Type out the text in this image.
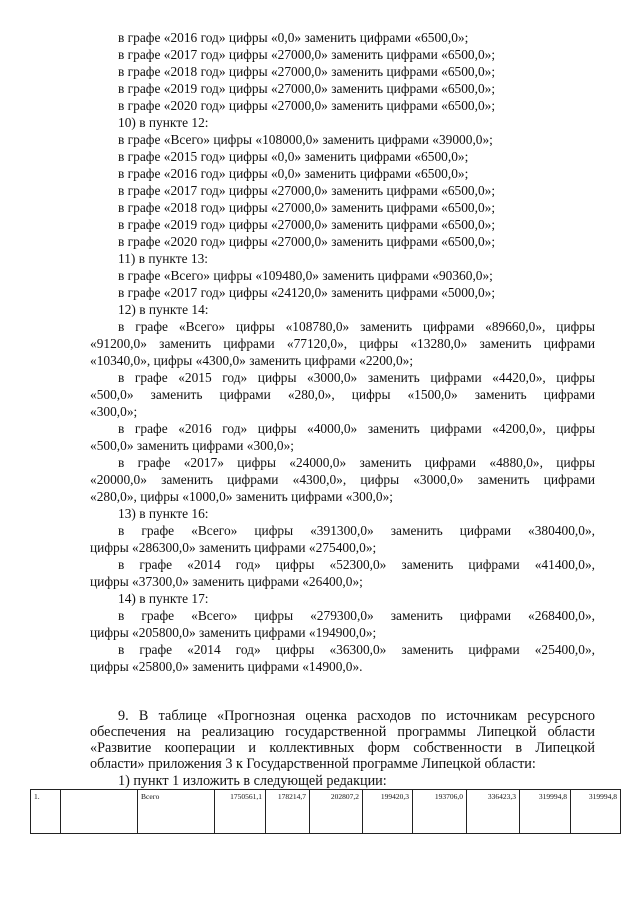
в графе «2016 год» цифры «0,0» заменить цифрами «6500,0»;
в графе «2017 год» цифры «27000,0» заменить цифрами «6500,0»;
в графе «2018 год» цифры «27000,0» заменить цифрами «6500,0»;
в графе «2019 год» цифры «27000,0» заменить цифрами «6500,0»;
в графе «2020 год» цифры «27000,0» заменить цифрами «6500,0»;
10) в пункте 12:
в графе «Всего» цифры «108000,0» заменить цифрами «39000,0»;
в графе «2015 год» цифры «0,0» заменить цифрами «6500,0»;
в графе «2016 год» цифры «0,0» заменить цифрами «6500,0»;
в графе «2017 год» цифры «27000,0» заменить цифрами «6500,0»;
в графе «2018 год» цифры «27000,0» заменить цифрами «6500,0»;
в графе «2019 год» цифры «27000,0» заменить цифрами «6500,0»;
в графе «2020 год» цифры «27000,0» заменить цифрами «6500,0»;
11) в пункте 13:
в графе «Всего» цифры «109480,0» заменить цифрами «90360,0»;
в графе «2017 год» цифры «24120,0» заменить цифрами «5000,0»;
12) в пункте 14:
в графе «Всего» цифры «108780,0» заменить цифрами «89660,0», цифры
«91200,0» заменить цифрами «77120,0», цифры «13280,0» заменить цифрами
«10340,0», цифры «4300,0» заменить цифрами «2200,0»;
в графе «2015 год» цифры «3000,0» заменить цифрами «4420,0», цифры
«500,0» заменить цифрами «280,0», цифры «1500,0» заменить цифрами
«300,0»;
в графе «2016 год» цифры «4000,0» заменить цифрами «4200,0», цифры
«500,0» заменить цифрами «300,0»;
в графе «2017» цифры «24000,0» заменить цифрами «4880,0», цифры
«20000,0» заменить цифрами «4300,0», цифры «3000,0» заменить цифрами
«280,0», цифры «1000,0» заменить цифрами «300,0»;
13) в пункте 16:
в графе «Всего» цифры «391300,0» заменить цифрами «380400,0»,
цифры «286300,0» заменить цифрами «275400,0»;
в графе «2014 год» цифры «52300,0» заменить цифрами «41400,0»,
цифры «37300,0» заменить цифрами «26400,0»;
14) в пункте 17:
в графе «Всего» цифры «279300,0» заменить цифрами «268400,0»,
цифры «205800,0» заменить цифрами «194900,0»;
в графе «2014 год» цифры «36300,0» заменить цифрами «25400,0»,
цифры «25800,0» заменить цифрами «14900,0».
9. В таблице «Прогнозная оценка расходов по источникам ресурсного
обеспечения на реализацию государственной программы Липецкой области
«Развитие кооперации и коллективных форм собственности в Липецкой
области» приложения 3 к Государственной программе Липецкой области:
1) пункт 1 изложить в следующей редакции:
1.		Всего	1750561,1	178214,7	202807,2	199420,3	193706,0	336423,3	319994,8	319994,8
